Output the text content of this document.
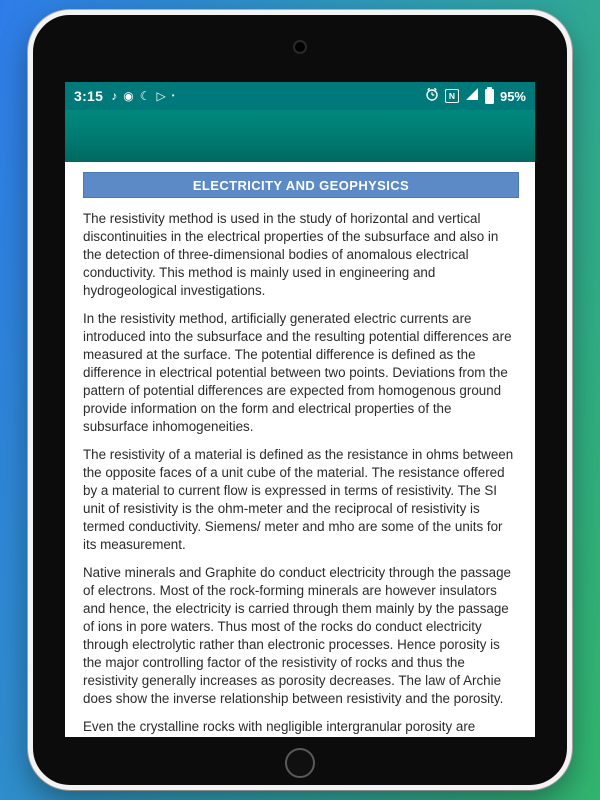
3:15 ♪ ◉ ☾ ▷ •	N	95%
ELECTRICITY AND GEOPHYSICS

The resistivity method is used in the study of horizontal and vertical discontinuities in the electrical properties of the subsurface and also in the detection of three-dimensional bodies of anomalous electrical conductivity. This method is mainly used in engineering and hydrogeological investigations.

In the resistivity method, artificially generated electric currents are introduced into the subsurface and the resulting potential differences are measured at the surface. The potential difference is defined as the difference in electrical potential between two points. Deviations from the pattern of potential differences are expected from homogenous ground provide information on the form and electrical properties of the subsurface inhomogeneities.

The resistivity of a material is defined as the resistance in ohms between the opposite faces of a unit cube of the material. The resistance offered by a material to current flow is expressed in terms of resistivity. The SI unit of resistivity is the ohm-meter and the reciprocal of resistivity is termed conductivity. Siemens/ meter and mho are some of the units for its measurement.

Native minerals and Graphite do conduct electricity through the passage of electrons. Most of the rock-forming minerals are however insulators and hence, the electricity is carried through them mainly by the passage of ions in pore waters. Thus most of the rocks do conduct electricity through electrolytic rather than electronic processes. Hence porosity is the major controlling factor of the resistivity of rocks and thus the resistivity generally increases as porosity decreases. The law of Archie does show the inverse relationship between resistivity and the porosity.

Even the crystalline rocks with negligible intergranular porosity are
